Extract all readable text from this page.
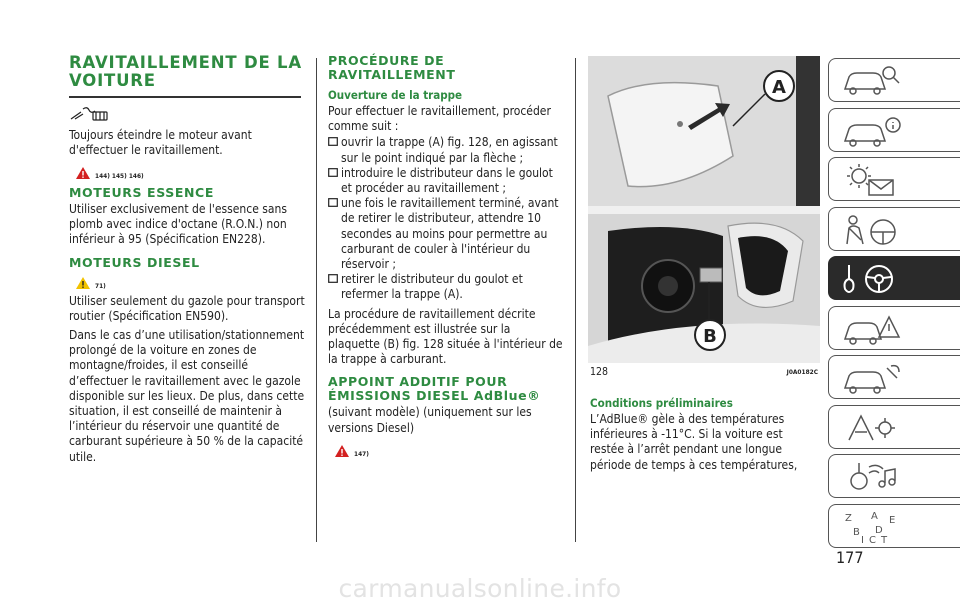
RAVITAILLEMENT DE LA VOITURE

Toujours éteindre le moteur avant d'effectuer le ravitaillement.

144) 145) 146)
MOTEURS ESSENCE

Utiliser exclusivement de l'essence sans plomb avec indice d'octane (R.O.N.) non inférieur à 95 (Spécification EN228).

MOTEURS DIESEL
71)

Utiliser seulement du gazole pour transport routier (Spécification EN590).

Dans le cas d’une utilisation/stationnement prolongé de la voiture en zones de montagne/froides, il est conseillé d’effectuer le ravitaillement avec le gazole disponible sur les lieux. De plus, dans cette situation, il est conseillé de maintenir à l’intérieur du réservoir une quantité de carburant supérieure à 50 % de la capacité utile.

PROCÉDURE DE RAVITAILLEMENT
Ouverture de la trappe

Pour effectuer le ravitaillement, procéder comme suit :

ouvrir la trappe (A) fig. 128, en agissant sur le point indiqué par la flèche ;
introduire le distributeur dans le goulot et procéder au ravitaillement ;
une fois le ravitaillement terminé, avant de retirer le distributeur, attendre 10 secondes au moins pour permettre au carburant de couler à l'intérieur du réservoir ;
retirer le distributeur du goulot et refermer la trappe (A).

La procédure de ravitaillement décrite précédemment est illustrée sur la plaquette (B) fig. 128 située à l'intérieur de la trappe à carburant.

APPOINT ADDITIF POUR ÉMISSIONS DIESEL AdBlue®

(suivant modèle) (uniquement sur les versions Diesel)

147)
A
B
128	J0A0182C
Conditions préliminaires

L’AdBlue® gèle à des températures inférieures à -11°C. Si la voiture est restée à l’arrêt pendant une longue période de temps à ces températures,

Z A E
B D
I C T
177
carmanualsonline.info
